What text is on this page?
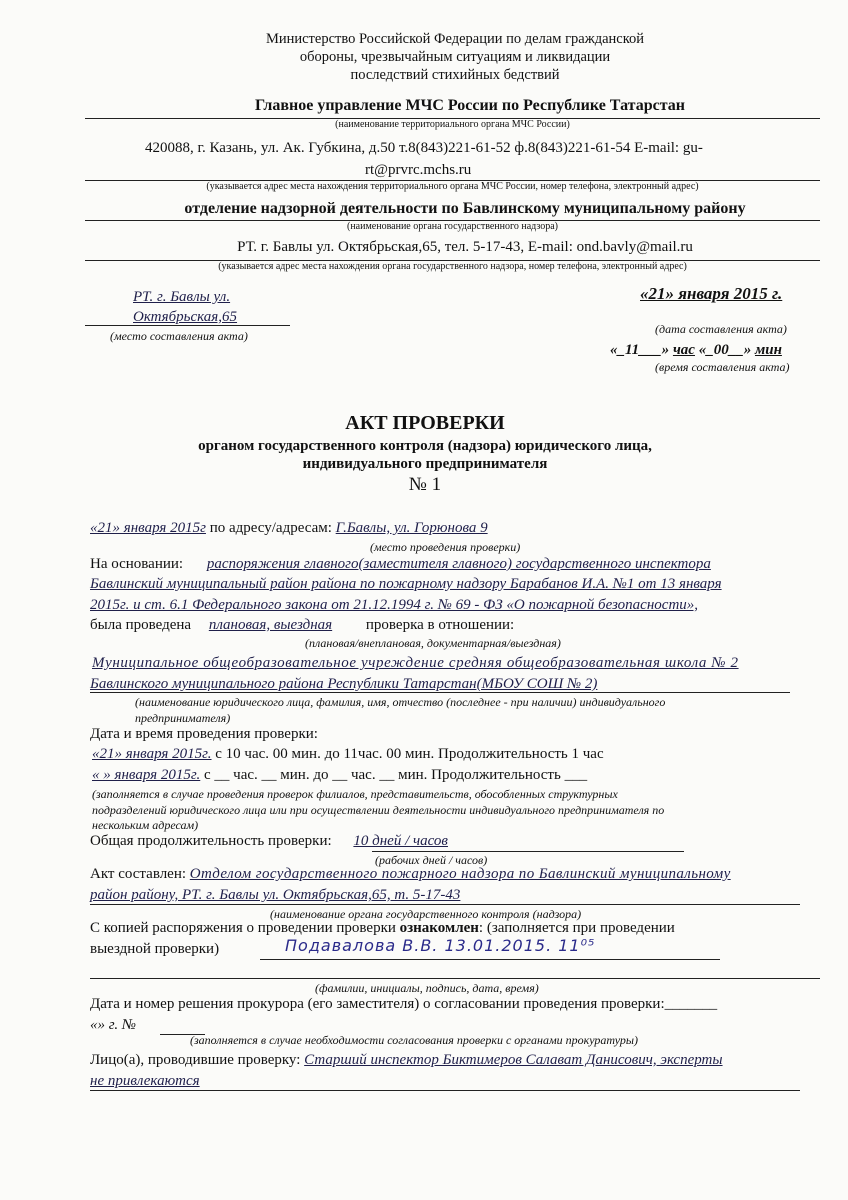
Министерство Российской Федерации по делам гражданской
обороны, чрезвычайным ситуациям и ликвидации
последствий стихийных бедствий
Главное управление МЧС России по Республике Татарстан
(наименование территориального органа МЧС России)
420088, г. Казань, ул. Ак. Губкина, д.50 т.8(843)221-61-52 ф.8(843)221-61-54 E-mail: gu-
rt@prvrc.mchs.ru
(указывается адрес места нахождения территориального органа МЧС России, номер телефона, электронный адрес)
отделение надзорной деятельности по Бавлинскому муниципальному району
(наименование органа государственного надзора)
РТ. г. Бавлы ул. Октябрьская,65, тел. 5-17-43, E-mail: ond.bavly@mail.ru
(указывается адрес места нахождения органа государственного надзора, номер телефона, электронный адрес)
РТ. г. Бавлы ул.
Октябрьская,65
(место составления акта)
«21» января 2015 г.
(дата составления акта)
«_11___» час «_00__» мин
(время составления акта)
АКТ ПРОВЕРКИ
органом государственного контроля (надзора) юридического лица,
индивидуального предпринимателя
№ 1
«21» января 2015г по адресу/адресам: Г.Бавлы, ул. Горюнова 9
(место проведения проверки)
На основании: распоряжения главного(заместителя главного) государственного инспектора
Бавлинский муниципальный район района по пожарному надзору Барабанов И.А. №1 от 13 января
2015г. и ст. 6.1 Федерального закона от 21.12.1994 г. № 69 - ФЗ «О пожарной безопасности»,
была проведена плановая, выездная проверка в отношении:
(плановая/внеплановая, документарная/выездная)
Муниципальное общеобразовательное учреждение средняя общеобразовательная школа № 2
Бавлинского муниципального района Республики Татарстан(МБОУ СОШ № 2)
(наименование юридического лица, фамилия, имя, отчество (последнее - при наличии) индивидуального
предпринимателя)
Дата и время проведения проверки:
«21» января 2015г. с 10 час. 00 мин. до 11час. 00 мин. Продолжительность 1 час
« » января 2015г. с __ час. __ мин. до __ час. __ мин. Продолжительность ___
(заполняется в случае проведения проверок филиалов, представительств, обособленных структурных
подразделений юридического лица или при осуществлении деятельности индивидуального предпринимателя по
нескольким адресам)
Общая продолжительность проверки: 10 дней / часов
(рабочих дней / часов)
Акт составлен: Отделом государственного пожарного надзора по Бавлинский муниципальному
район району, РТ. г. Бавлы ул. Октябрьская,65, т. 5-17-43
(наименование органа государственного контроля (надзора)
С копией распоряжения о проведении проверки ознакомлен: (заполняется при проведении
выездной проверки)	Подавалова В.В. 13.01.2015. 11⁰⁵
(фамилии, инициалы, подпись, дата, время)
Дата и номер решения прокурора (его заместителя) о согласовании проведения проверки:_______
«» г. №
(заполняется в случае необходимости согласования проверки с органами прокуратуры)
Лицо(а), проводившие проверку: Старший инспектор Биктимеров Салават Данисович, эксперты
не привлекаются
